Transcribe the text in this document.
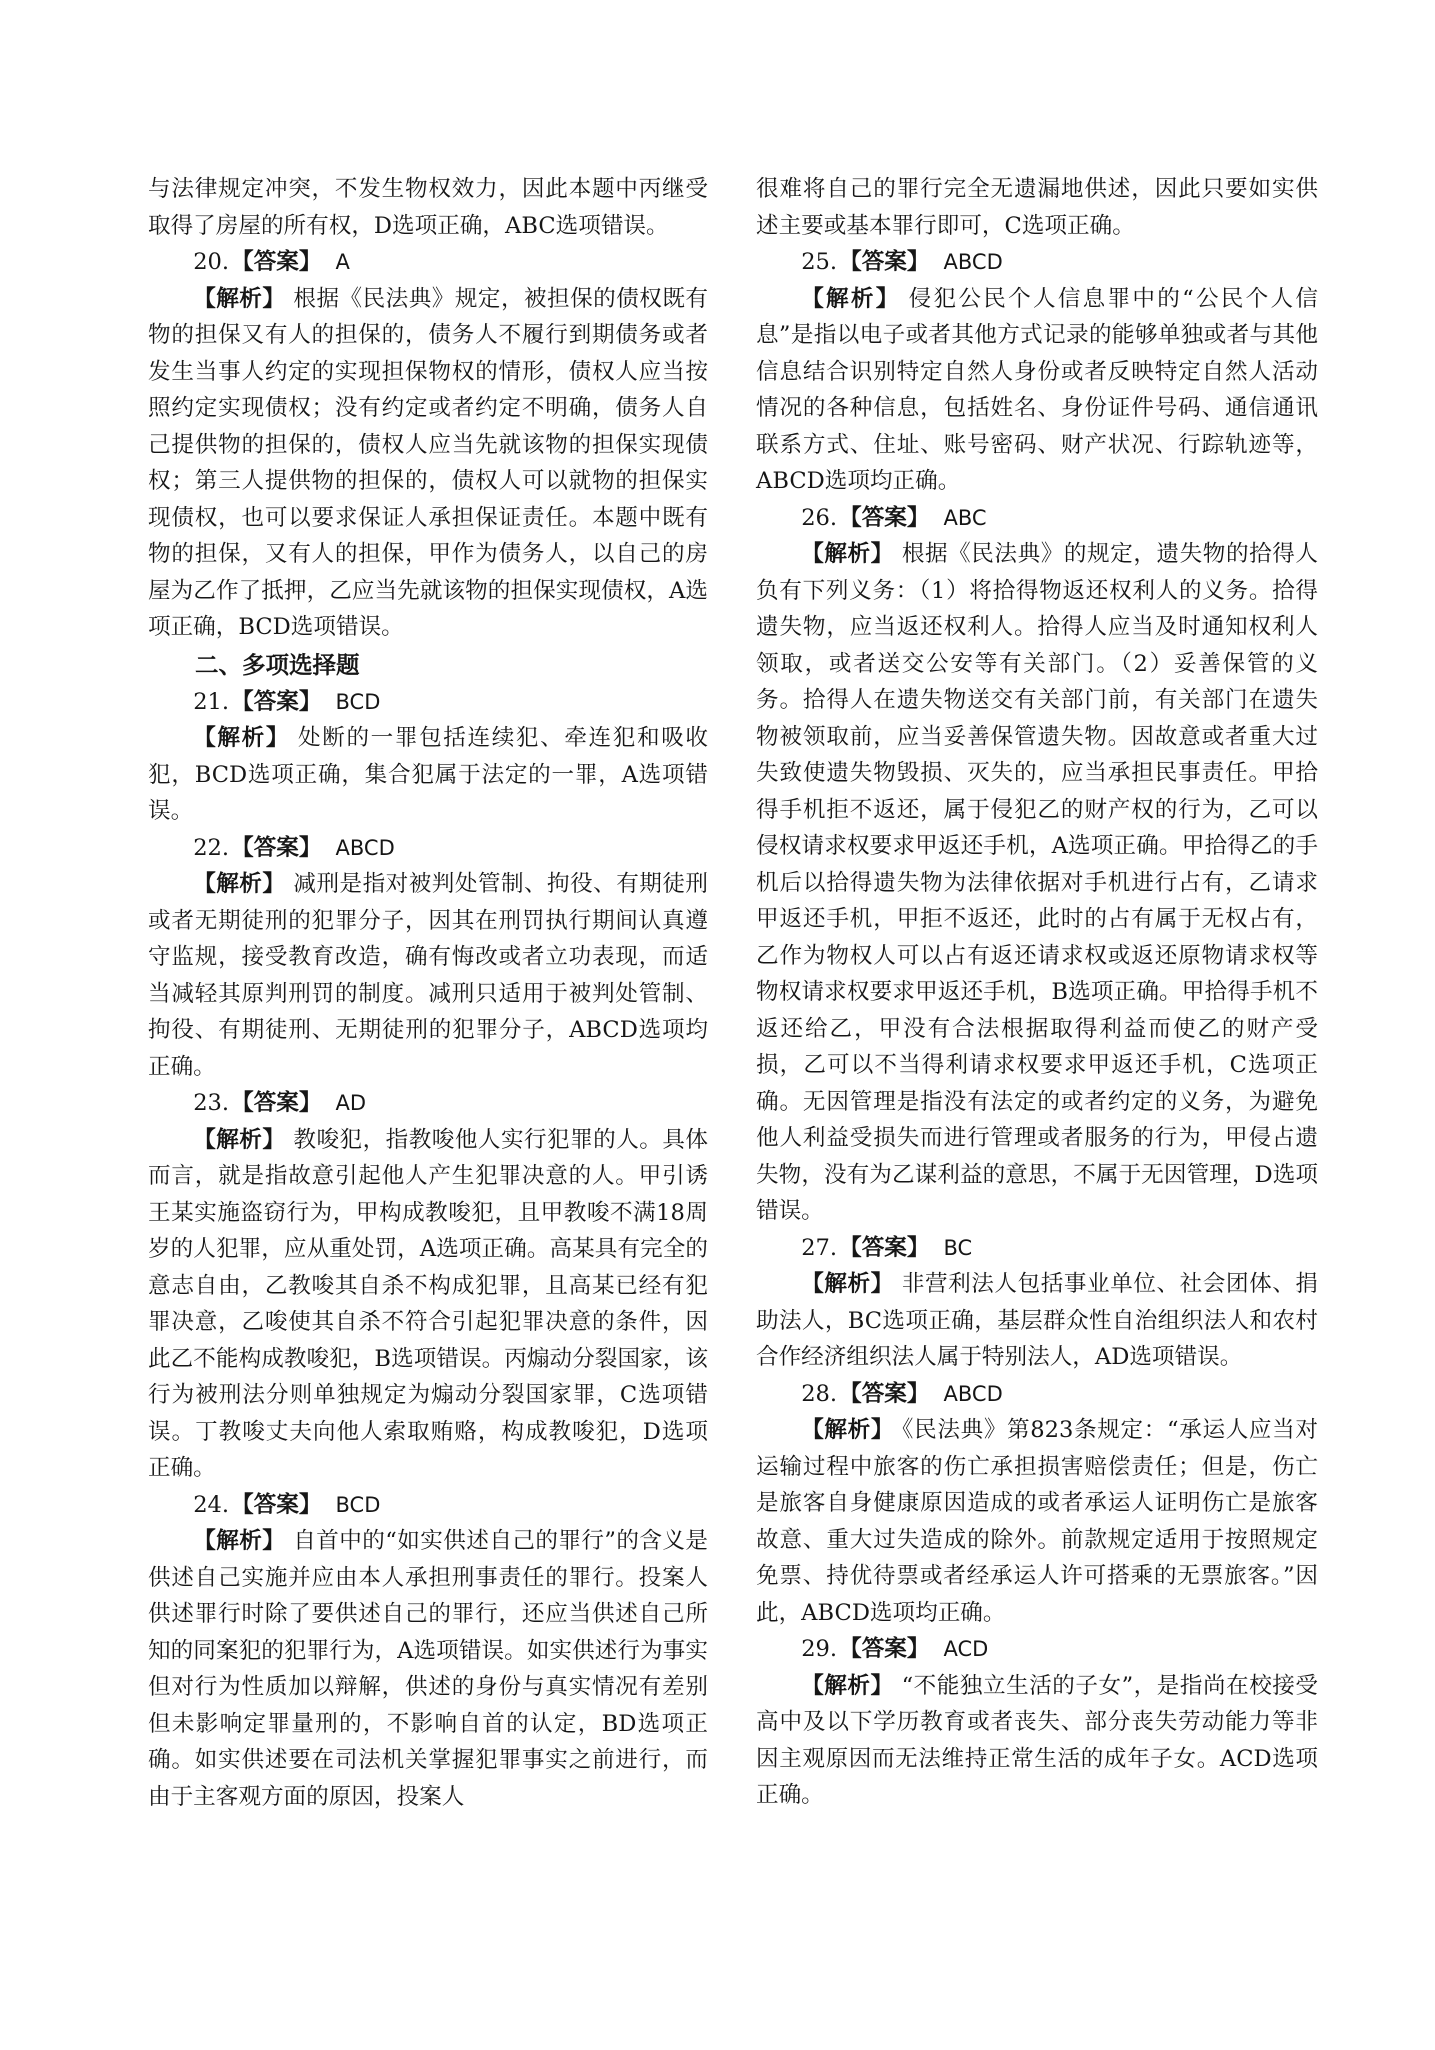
与法律规定冲突，不发生物权效力，因此本题中丙继受取得了房屋的所有权，D选项正确，ABC选项错误。

20.【答案】 A

【解析】 根据《民法典》规定，被担保的债权既有物的担保又有人的担保的，债务人不履行到期债务或者发生当事人约定的实现担保物权的情形，债权人应当按照约定实现债权；没有约定或者约定不明确，债务人自己提供物的担保的，债权人应当先就该物的担保实现债权；第三人提供物的担保的，债权人可以就物的担保实现债权，也可以要求保证人承担保证责任。本题中既有物的担保，又有人的担保，甲作为债务人，以自己的房屋为乙作了抵押，乙应当先就该物的担保实现债权，A选项正确，BCD选项错误。

二、多项选择题
21.【答案】 BCD

【解析】 处断的一罪包括连续犯、牵连犯和吸收犯，BCD选项正确，集合犯属于法定的一罪，A选项错误。

22.【答案】 ABCD

【解析】 减刑是指对被判处管制、拘役、有期徒刑或者无期徒刑的犯罪分子，因其在刑罚执行期间认真遵守监规，接受教育改造，确有悔改或者立功表现，而适当减轻其原判刑罚的制度。减刑只适用于被判处管制、拘役、有期徒刑、无期徒刑的犯罪分子，ABCD选项均正确。

23.【答案】 AD

【解析】 教唆犯，指教唆他人实行犯罪的人。具体而言，就是指故意引起他人产生犯罪决意的人。甲引诱王某实施盗窃行为，甲构成教唆犯，且甲教唆不满18周岁的人犯罪，应从重处罚，A选项正确。高某具有完全的意志自由，乙教唆其自杀不构成犯罪，且高某已经有犯罪决意，乙唆使其自杀不符合引起犯罪决意的条件，因此乙不能构成教唆犯，B选项错误。丙煽动分裂国家，该行为被刑法分则单独规定为煽动分裂国家罪，C选项错误。丁教唆丈夫向他人索取贿赂，构成教唆犯，D选项正确。

24.【答案】 BCD

【解析】 自首中的“如实供述自己的罪行”的含义是供述自己实施并应由本人承担刑事责任的罪行。投案人供述罪行时除了要供述自己的罪行，还应当供述自己所知的同案犯的犯罪行为，A选项错误。如实供述行为事实但对行为性质加以辩解，供述的身份与真实情况有差别但未影响定罪量刑的，不影响自首的认定，BD选项正确。如实供述要在司法机关掌握犯罪事实之前进行，而由于主客观方面的原因，投案人

很难将自己的罪行完全无遗漏地供述，因此只要如实供述主要或基本罪行即可，C选项正确。

25.【答案】 ABCD

【解析】 侵犯公民个人信息罪中的“公民个人信息”是指以电子或者其他方式记录的能够单独或者与其他信息结合识别特定自然人身份或者反映特定自然人活动情况的各种信息，包括姓名、身份证件号码、通信通讯联系方式、住址、账号密码、财产状况、行踪轨迹等，ABCD选项均正确。

26.【答案】 ABC

【解析】 根据《民法典》的规定，遗失物的拾得人负有下列义务：（1）将拾得物返还权利人的义务。拾得遗失物，应当返还权利人。拾得人应当及时通知权利人领取，或者送交公安等有关部门。（2）妥善保管的义务。拾得人在遗失物送交有关部门前，有关部门在遗失物被领取前，应当妥善保管遗失物。因故意或者重大过失致使遗失物毁损、灭失的，应当承担民事责任。甲拾得手机拒不返还，属于侵犯乙的财产权的行为，乙可以侵权请求权要求甲返还手机，A选项正确。甲拾得乙的手机后以拾得遗失物为法律依据对手机进行占有，乙请求甲返还手机，甲拒不返还，此时的占有属于无权占有，乙作为物权人可以占有返还请求权或返还原物请求权等物权请求权要求甲返还手机，B选项正确。甲拾得手机不返还给乙，甲没有合法根据取得利益而使乙的财产受损，乙可以不当得利请求权要求甲返还手机，C选项正确。无因管理是指没有法定的或者约定的义务，为避免他人利益受损失而进行管理或者服务的行为，甲侵占遗失物，没有为乙谋利益的意思，不属于无因管理，D选项错误。

27.【答案】 BC

【解析】 非营利法人包括事业单位、社会团体、捐助法人，BC选项正确，基层群众性自治组织法人和农村合作经济组织法人属于特别法人，AD选项错误。

28.【答案】 ABCD

【解析】 《民法典》第823条规定：“承运人应当对运输过程中旅客的伤亡承担损害赔偿责任；但是，伤亡是旅客自身健康原因造成的或者承运人证明伤亡是旅客故意、重大过失造成的除外。前款规定适用于按照规定免票、持优待票或者经承运人许可搭乘的无票旅客。”因此，ABCD选项均正确。

29.【答案】 ACD

【解析】 “不能独立生活的子女”，是指尚在校接受高中及以下学历教育或者丧失、部分丧失劳动能力等非因主观原因而无法维持正常生活的成年子女。ACD选项正确。
